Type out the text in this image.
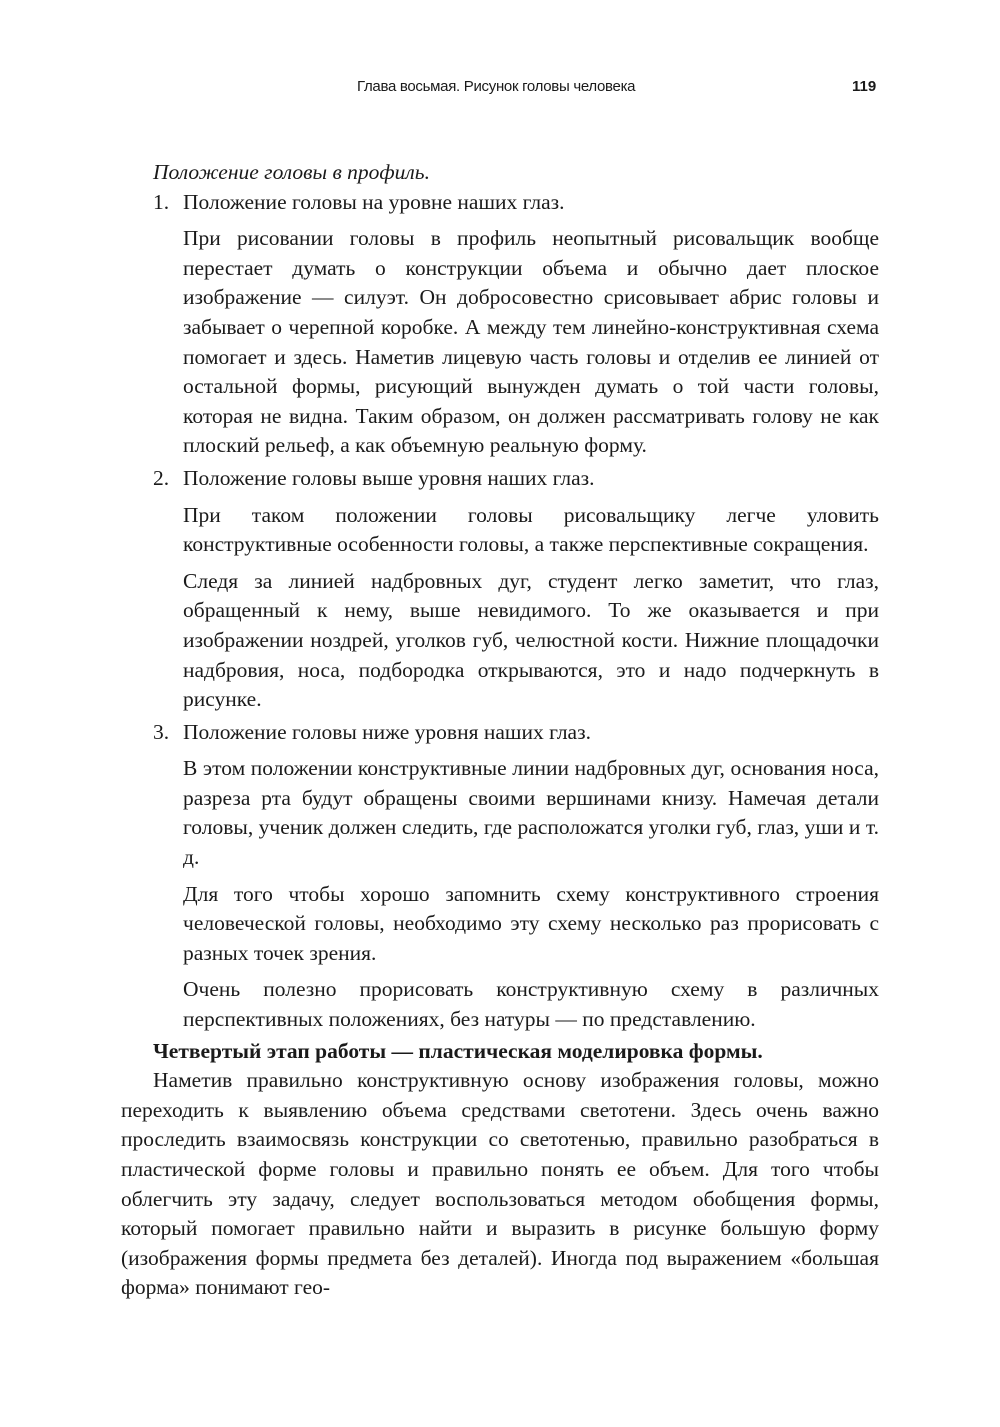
Глава восьмая. Рисунок головы человека	119

Положение головы в профиль.

1. Положение головы на уровне наших глаз.

При рисовании головы в профиль неопытный рисовальщик вообще перестает думать о конструкции объема и обычно дает плоское изображение — силуэт. Он добросовестно срисовывает абрис головы и забывает о черепной коробке. А между тем линейно-конструктивная схема помогает и здесь. Наметив лицевую часть головы и отделив ее линией от остальной формы, рисующий вынужден думать о той части головы, которая не видна. Таким образом, он должен рассматривать голову не как плоский рельеф, а как объемную реальную форму.

2. Положение головы выше уровня наших глаз.

При таком положении головы рисовальщику легче уловить конструктивные особенности головы, а также перспективные сокращения.

Следя за линией надбровных дуг, студент легко заметит, что глаз, обращенный к нему, выше невидимого. То же оказывается и при изображении ноздрей, уголков губ, челюстной кости. Нижние площадочки надбровия, носа, подбородка открываются, это и надо подчеркнуть в рисунке.

3. Положение головы ниже уровня наших глаз.

В этом положении конструктивные линии надбровных дуг, основания носа, разреза рта будут обращены своими вершинами книзу. Намечая детали головы, ученик должен следить, где расположатся уголки губ, глаз, уши и т. д.

Для того чтобы хорошо запомнить схему конструктивного строения человеческой головы, необходимо эту схему несколько раз прорисовать с разных точек зрения.

Очень полезно прорисовать конструктивную схему в различных перспективных положениях, без натуры — по представлению.

Четвертый этап работы — пластическая моделировка формы.

Наметив правильно конструктивную основу изображения головы, можно переходить к выявлению объема средствами светотени. Здесь очень важно проследить взаимосвязь конструкции со светотенью, правильно разобраться в пластической форме головы и правильно понять ее объем. Для того чтобы облегчить эту задачу, следует воспользоваться методом обобщения формы, который помогает правильно найти и выразить в рисунке большую форму (изображения формы предмета без деталей). Иногда под выражением «большая форма» понимают гео-
